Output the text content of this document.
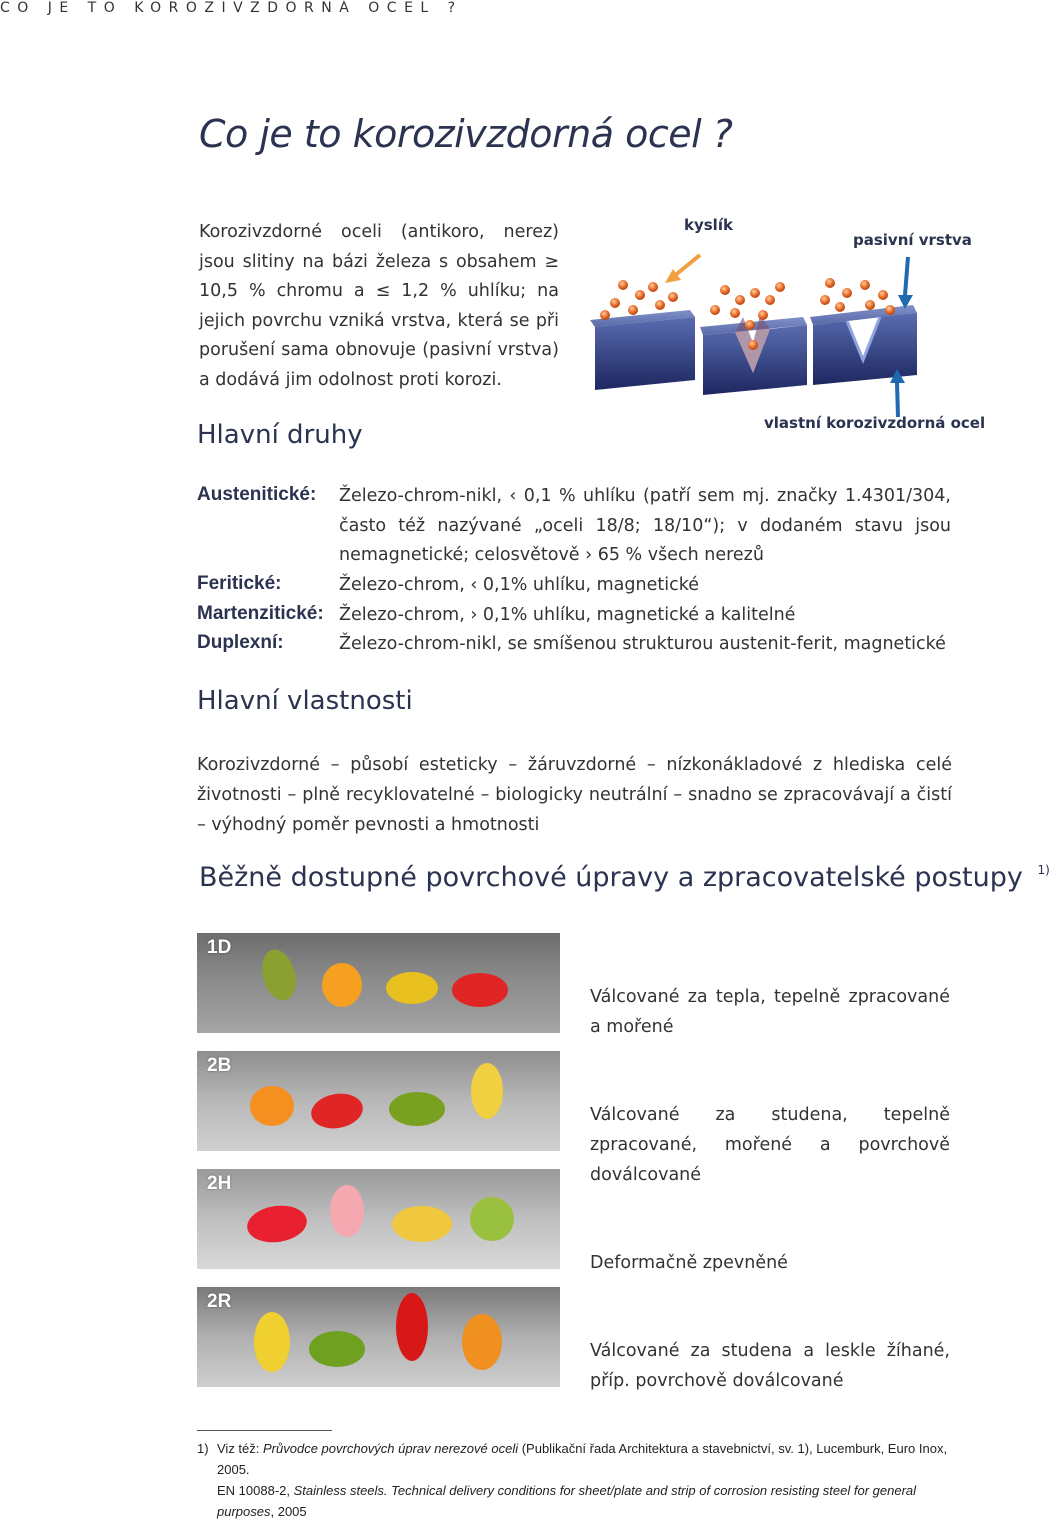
CO JE TO KOROZIVZDORNÁ OCEL ?
Co je to korozivzdorná ocel ?
Korozivzdorné oceli (antikoro, nerez) jsou slitiny na bázi železa s obsahem ≥ 10,5 % chromu a ≤ 1,2 % uhlíku; na jejich povrchu vzniká vrstva, která se při porušení sama obnovuje (pasivní vrstva) a dodává jim odolnost proti korozi.
kyslík
pasivní vrstva
vlastní korozivzdorná ocel
Hlavní druhy
Austenitické: Železo-chrom-nikl, ‹ 0,1 % uhlíku (patří sem mj. značky 1.4301/304, často též nazývané „oceli 18/8; 18/10“); v dodaném stavu jsou nemagnetické; celosvětově › 65 % všech nerezů
Feritické:	Železo-chrom, ‹ 0,1% uhlíku, magnetické
Martenzitické: Železo-chrom, › 0,1% uhlíku, magnetické a kalitelné
Duplexní:	Železo-chrom-nikl, se smíšenou strukturou austenit-ferit, magnetické
Hlavní vlastnosti
Korozivzdorné – působí esteticky – žáruvzdorné – nízkonákladové z hlediska celé životnosti – plně recyklovatelné – biologicky neutrální – snadno se zpracovávají a čistí – výhodný poměr pevnosti a hmotnosti
Běžně dostupné povrchové úpravy a zpracovatelské postupy $^{1)}$
1D
Válcované za tepla, tepelně zpracované a mořené
2B
Válcované za studena, tepelně zpracované, mořené a povrchově doválcované
2H
Deformačně zpevněné
2R
Válcované za studena a leskle žíhané, příp. povrchově doválcované
1) Viz též: Průvodce povrchových úprav nerezové oceli (Publikační řada Architektura a stavebnictví, sv. 1), Lucemburk, Euro Inox, 2005.
EN 10088-2, Stainless steels. Technical delivery conditions for sheet/plate and strip of corrosion resisting steel for general purposes, 2005
